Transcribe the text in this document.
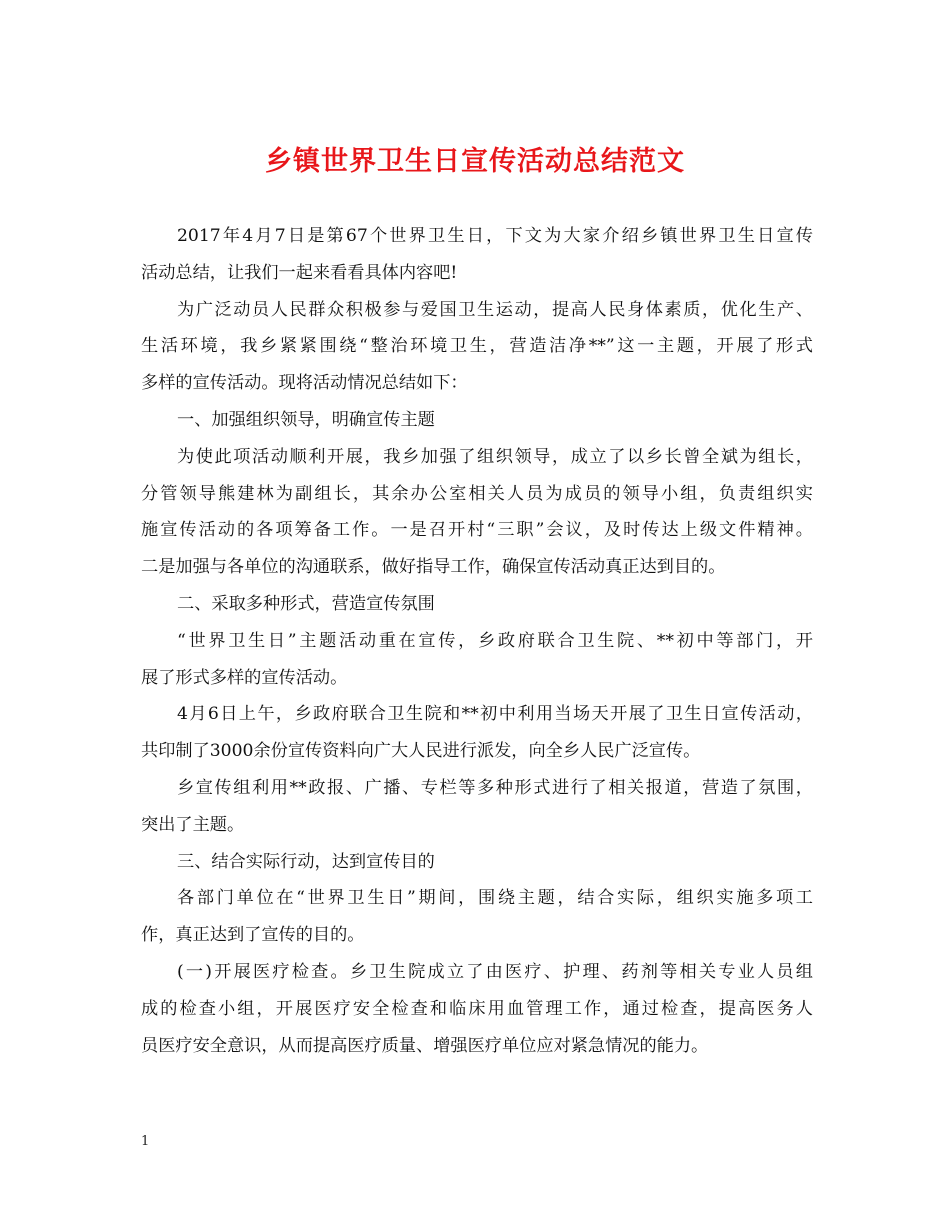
乡镇世界卫生日宣传活动总结范文
2017年4月7日是第67个世界卫生日，下文为大家介绍乡镇世界卫生日宣传
活动总结，让我们一起来看看具体内容吧!
为广泛动员人民群众积极参与爱国卫生运动，提高人民身体素质，优化生产、
生活环境，我乡紧紧围绕“整治环境卫生，营造洁净**”这一主题，开展了形式
多样的宣传活动。现将活动情况总结如下：
一、加强组织领导，明确宣传主题
为使此项活动顺利开展，我乡加强了组织领导，成立了以乡长曾全斌为组长，
分管领导熊建林为副组长，其余办公室相关人员为成员的领导小组，负责组织实
施宣传活动的各项筹备工作。一是召开村“三职”会议，及时传达上级文件精神。
二是加强与各单位的沟通联系，做好指导工作，确保宣传活动真正达到目的。
二、采取多种形式，营造宣传氛围
“世界卫生日”主题活动重在宣传，乡政府联合卫生院、**初中等部门，开
展了形式多样的宣传活动。
4月6日上午，乡政府联合卫生院和**初中利用当场天开展了卫生日宣传活动，
共印制了3000余份宣传资料向广大人民进行派发，向全乡人民广泛宣传。
乡宣传组利用**政报、广播、专栏等多种形式进行了相关报道，营造了氛围，
突出了主题。
三、结合实际行动，达到宣传目的
各部门单位在“世界卫生日”期间，围绕主题，结合实际，组织实施多项工
作，真正达到了宣传的目的。
(一)开展医疗检查。乡卫生院成立了由医疗、护理、药剂等相关专业人员组
成的检查小组，开展医疗安全检查和临床用血管理工作，通过检查，提高医务人
员医疗安全意识，从而提高医疗质量、增强医疗单位应对紧急情况的能力。
1
